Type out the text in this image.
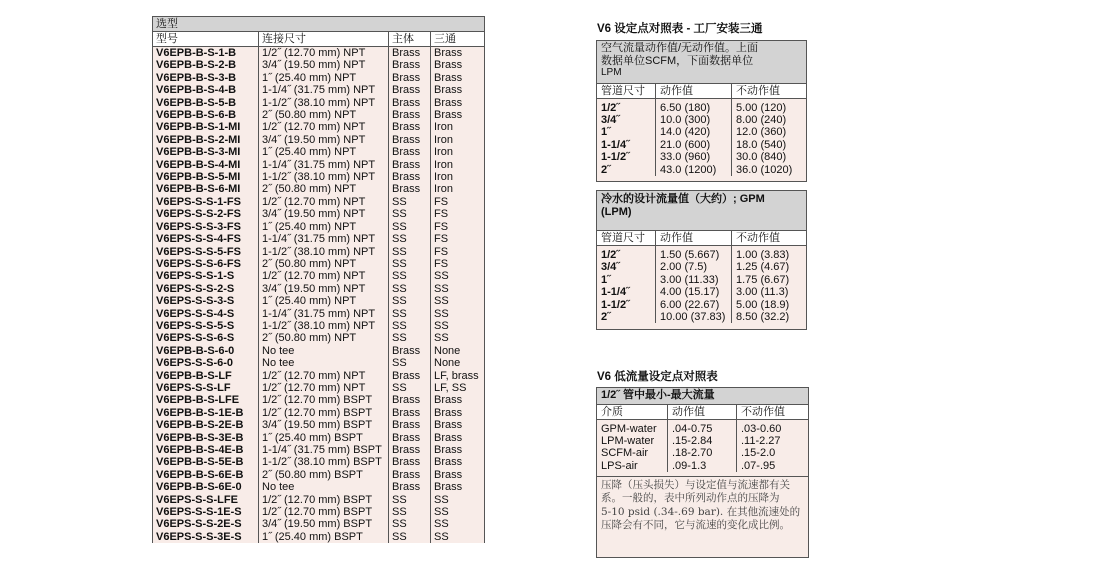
选型			
型号	连接尺寸	主体	三通
V6EPB-B-S-1-B	1/2˝ (12.70 mm) NPT	Brass	Brass
V6EPB-B-S-2-B	3/4˝ (19.50 mm) NPT	Brass	Brass
V6EPB-B-S-3-B	1˝ (25.40 mm) NPT	Brass	Brass
V6EPB-B-S-4-B	1-1/4˝ (31.75 mm) NPT	Brass	Brass
V6EPB-B-S-5-B	1-1/2˝ (38.10 mm) NPT	Brass	Brass
V6EPB-B-S-6-B	2˝ (50.80 mm) NPT	Brass	Brass
V6EPB-B-S-1-MI	1/2˝ (12.70 mm) NPT	Brass	Iron
V6EPB-B-S-2-MI	3/4˝ (19.50 mm) NPT	Brass	Iron
V6EPB-B-S-3-MI	1˝ (25.40 mm) NPT	Brass	Iron
V6EPB-B-S-4-MI	1-1/4˝ (31.75 mm) NPT	Brass	Iron
V6EPB-B-S-5-MI	1-1/2˝ (38.10 mm) NPT	Brass	Iron
V6EPB-B-S-6-MI	2˝ (50.80 mm) NPT	Brass	Iron
V6EPS-S-S-1-FS	1/2˝ (12.70 mm) NPT	SS	FS
V6EPS-S-S-2-FS	3/4˝ (19.50 mm) NPT	SS	FS
V6EPS-S-S-3-FS	1˝ (25.40 mm) NPT	SS	FS
V6EPS-S-S-4-FS	1-1/4˝ (31.75 mm) NPT	SS	FS
V6EPS-S-S-5-FS	1-1/2˝ (38.10 mm) NPT	SS	FS
V6EPS-S-S-6-FS	2˝ (50.80 mm) NPT	SS	FS
V6EPS-S-S-1-S	1/2˝ (12.70 mm) NPT	SS	SS
V6EPS-S-S-2-S	3/4˝ (19.50 mm) NPT	SS	SS
V6EPS-S-S-3-S	1˝ (25.40 mm) NPT	SS	SS
V6EPS-S-S-4-S	1-1/4˝ (31.75 mm) NPT	SS	SS
V6EPS-S-S-5-S	1-1/2˝ (38.10 mm) NPT	SS	SS
V6EPS-S-S-6-S	2˝ (50.80 mm) NPT	SS	SS
V6EPB-B-S-6-0	No tee	Brass	None
V6EPS-S-S-6-0	No tee	SS	None
V6EPB-B-S-LF	1/2˝ (12.70 mm) NPT	Brass	LF, brass
V6EPS-S-S-LF	1/2˝ (12.70 mm) NPT	SS	LF, SS
V6EPB-B-S-LFE	1/2˝ (12.70 mm) BSPT	Brass	Brass
V6EPB-B-S-1E-B	1/2˝ (12.70 mm) BSPT	Brass	Brass
V6EPB-B-S-2E-B	3/4˝ (19.50 mm) BSPT	Brass	Brass
V6EPB-B-S-3E-B	1˝ (25.40 mm) BSPT	Brass	Brass
V6EPB-B-S-4E-B	1-1/4˝ (31.75 mm) BSPT	Brass	Brass
V6EPB-B-S-5E-B	1-1/2˝ (38.10 mm) BSPT	Brass	Brass
V6EPB-B-S-6E-B	2˝ (50.80 mm) BSPT	Brass	Brass
V6EPB-B-S-6E-0	No tee	Brass	Brass
V6EPS-S-S-LFE	1/2˝ (12.70 mm) BSPT	SS	SS
V6EPS-S-S-1E-S	1/2˝ (12.70 mm) BSPT	SS	SS
V6EPS-S-S-2E-S	3/4˝ (19.50 mm) BSPT	SS	SS
V6EPS-S-S-3E-S	1˝ (25.40 mm) BSPT	SS	SS
V6 设定点对照表 - 工厂安装三通
空气流量动作值/无动作值。上面
数据单位SCFM，下面数据单位
LPM
管道尺寸	动作值	不动作值
1/2˝	6.50 (180)	5.00 (120)
3/4˝	10.0 (300)	8.00 (240)
1˝	14.0 (420)	12.0 (360)
1-1/4˝	21.0 (600)	18.0 (540)
1-1/2˝	33.0 (960)	30.0 (840)
2˝	43.0 (1200)	36.0 (1020)
冷水的设计流量值（大约）; GPM
(LPM)
管道尺寸	动作值	不动作值
1/2˝	1.50 (5.667)	1.00 (3.83)
3/4˝	2.00 (7.5)	1.25 (4.67)
1˝	3.00 (11.33)	1.75 (6.67)
1-1/4˝	4.00 (15.17)	3.00 (11.3)
1-1/2˝	6.00 (22.67)	5.00 (18.9)
2˝	10.00 (37.83)	8.50 (32.2)
V6 低流量设定点对照表
1/2˝ 管中最小-最大流量
介质	动作值	不动作值
GPM-water	.04-0.75	.03-0.60
LPM-water	.15-2.84	.11-2.27
SCFM-air	.18-2.70	.15-2.0
LPS-air	.09-1.3	.07-.95
压降（压头损失）与设定值与流速都有关
系。一般的，表中所列动作点的压降为
5-10 psid (.34-.69 bar). 在其他流速处的
压降会有不同，它与流速的变化成比例。
